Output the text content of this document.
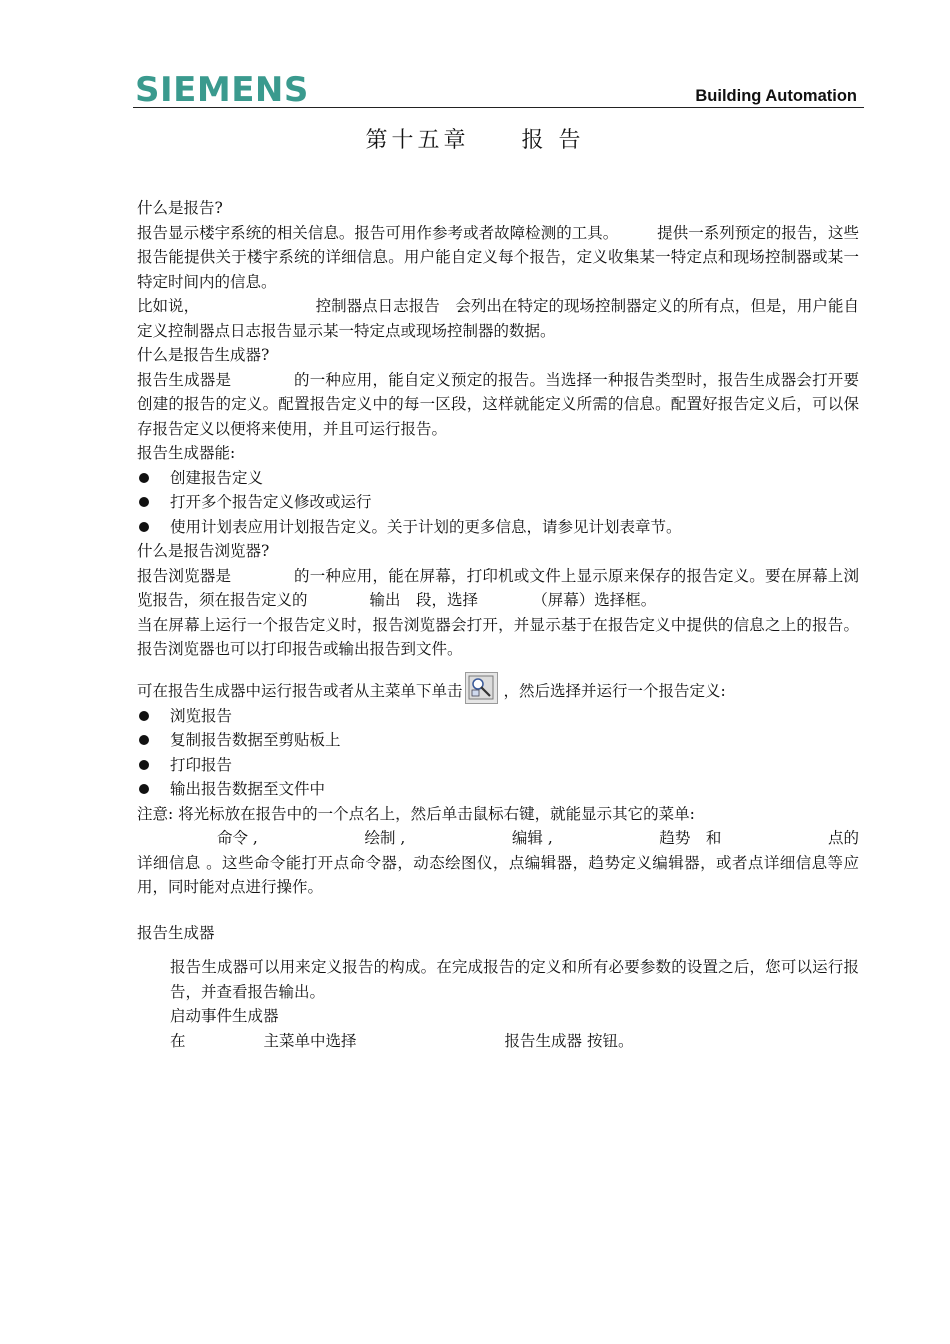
SIEMENS	Building Automation
第十五章　　报 告

什么是报告?

报告显示楼宇系统的相关信息。报告可用作参考或者故障检测的工具。　　　提供一系列预定的报告，这些报告能提供关于楼宇系统的详细信息。用户能自定义每个报告，定义收集某一特定点和现场控制器或某一特定时间内的信息。

比如说，　　　　　　　　控制器点日志报告　会列出在特定的现场控制器定义的所有点，但是，用户能自定义控制器点日志报告显示某一特定点或现场控制器的数据。

什么是报告生成器?

报告生成器是　　　　的一种应用，能自定义预定的报告。当选择一种报告类型时，报告生成器会打开要创建的报告的定义。配置报告定义中的每一区段，这样就能定义所需的信息。配置好报告定义后，可以保存报告定义以便将来使用，并且可运行报告。

报告生成器能:

创建报告定义

打开多个报告定义修改或运行

使用计划表应用计划报告定义。关于计划的更多信息，请参见计划表章节。

什么是报告浏览器?

报告浏览器是　　　　的一种应用，能在屏幕，打印机或文件上显示原来保存的报告定义。要在屏幕上浏览报告，须在报告定义的　　　　输出　段，选择　　　　（屏幕）选择框。

当在屏幕上运行一个报告定义时，报告浏览器会打开，并显示基于在报告定义中提供的信息之上的报告。报告浏览器也可以打印报告或输出报告到文件。

可在报告生成器中运行报告或者从主菜单下单击	，然后选择并运行一个报告定义:

浏览报告

复制报告数据至剪贴板上

打印报告

输出报告数据至文件中

注意: 将光标放在报告中的一个点名上，然后单击鼠标右键，就能显示其它的菜单:

命令 ,	绘制 ,	编辑 ,	趋势　和	点的

详细信息 。这些命令能打开点命令器，动态绘图仪，点编辑器，趋势定义编辑器，或者点详细信息等应用，同时能对点进行操作。

报告生成器

报告生成器可以用来定义报告的构成。在完成报告的定义和所有必要参数的设置之后，您可以运行报告，并查看报告输出。

启动事件生成器

在	主菜单中选择	报告生成器 按钮。
